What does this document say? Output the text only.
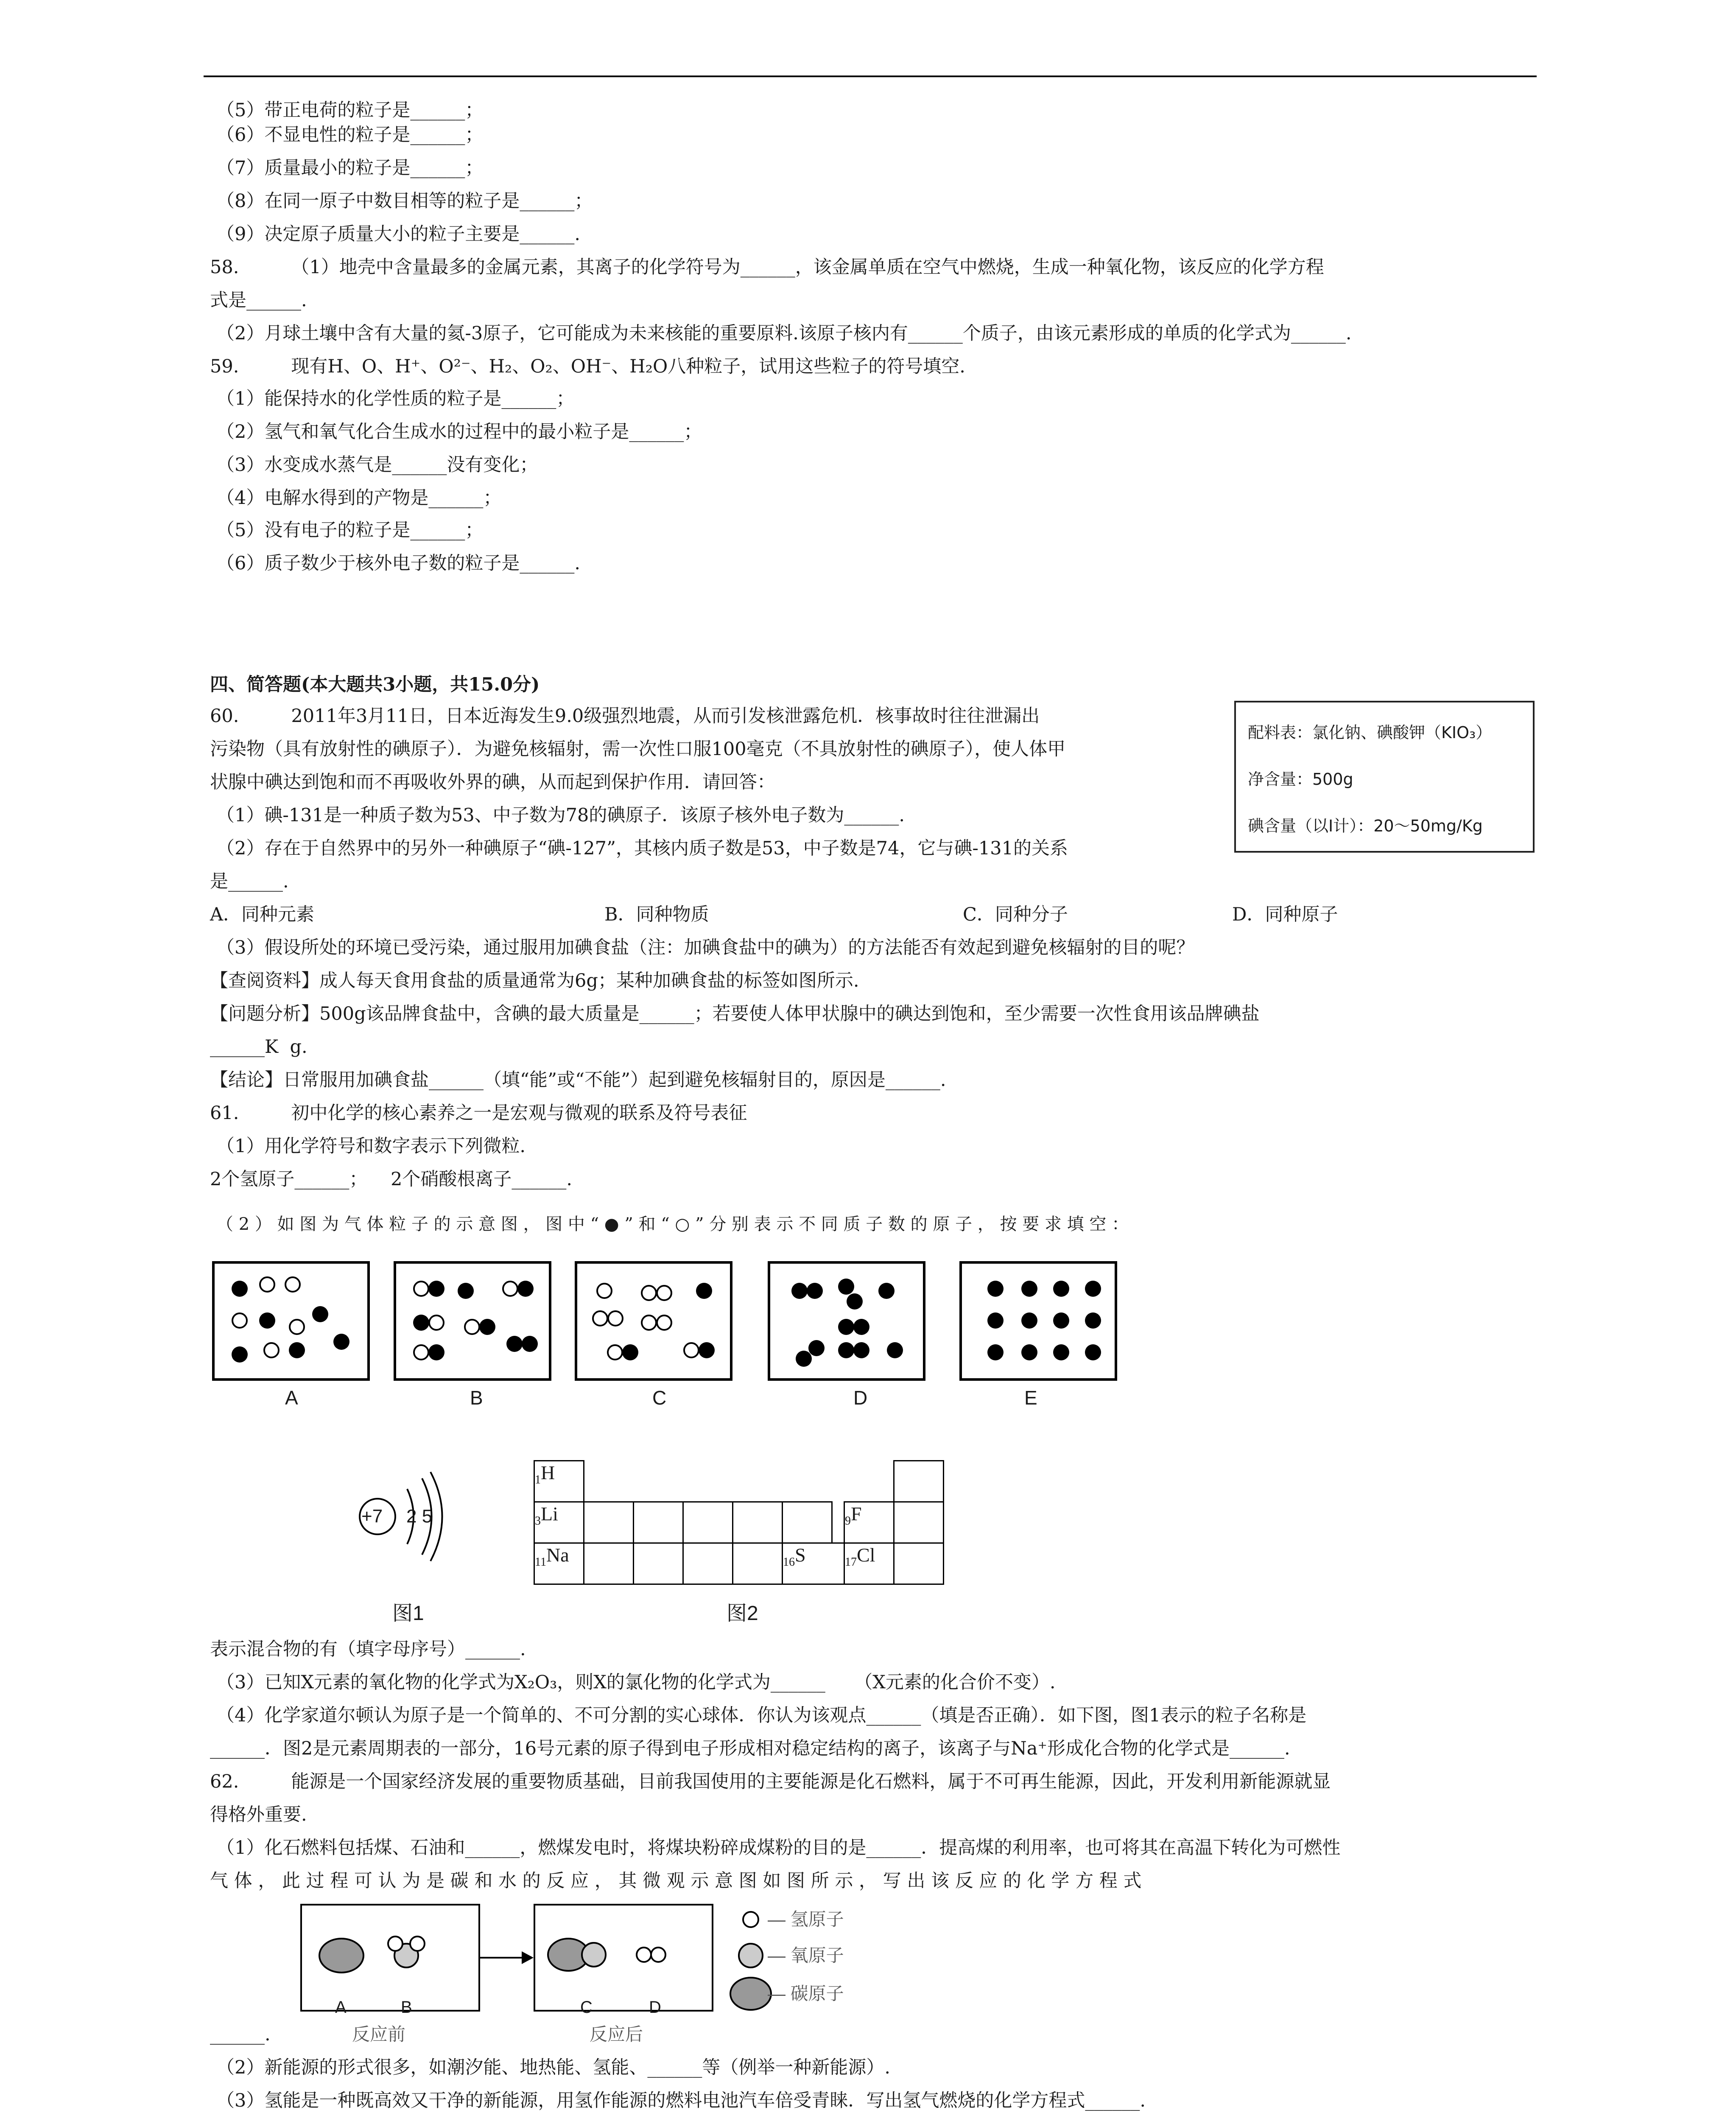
（5）带正电荷的粒子是______；
（6）不显电性的粒子是______；
（7）质量最小的粒子是______；
（8）在同一原子中数目相等的粒子是______；
（9）决定原子质量大小的粒子主要是______.
58.         （1）地壳中含量最多的金属元素，其离子的化学符号为______，该金属单质在空气中燃烧，生成一种氧化物，该反应的化学方程
式是______.
（2）月球土壤中含有大量的氦-3原子，它可能成为未来核能的重要原料.该原子核内有______个质子，由该元素形成的单质的化学式为______.
59.         现有H、O、H⁺、O²⁻、H₂、O₂、OH⁻、H₂O八种粒子，试用这些粒子的符号填空.
（1）能保持水的化学性质的粒子是______；
（2）氢气和氧气化合生成水的过程中的最小粒子是______；
（3）水变成水蒸气是______没有变化；
（4）电解水得到的产物是______；
（5）没有电子的粒子是______；
（6）质子数少于核外电子数的粒子是______.
四、简答题(本大题共3小题，共15.0分)
60.         2011年3月11日，日本近海发生9.0级强烈地震，从而引发核泄露危机．核事故时往往泄漏出
污染物（具有放射性的碘原子）．为避免核辐射，需一次性口服100毫克（不具放射性的碘原子），使人体甲
状腺中碘达到饱和而不再吸收外界的碘，从而起到保护作用．请回答：
（1）碘-131是一种质子数为53、中子数为78的碘原子．该原子核外电子数为______.
（2）存在于自然界中的另外一种碘原子“碘-127”，其核内质子数是53，中子数是74，它与碘-131的关系
是______.
配料表：氯化钠、碘酸钾（KIO₃）
净含量：500g
碘含量（以I计）：20～50mg/Kg
A．同种元素	B．同种物质	C．同种分子	D．同种原子
（3）假设所处的环境已受污染，通过服用加碘食盐（注：加碘食盐中的碘为）的方法能否有效起到避免核辐射的目的呢？
【查阅资料】成人每天食用食盐的质量通常为6g；某种加碘食盐的标签如图所示.
【问题分析】500g该品牌食盐中，含碘的最大质量是______；若要使人体甲状腺中的碘达到饱和，至少需要一次性食用该品牌碘盐
______K  g.
【结论】日常服用加碘食盐______（填“能”或“不能”）起到避免核辐射目的，原因是______.
61.         初中化学的核心素养之一是宏观与微观的联系及符号表征
（1）用化学符号和数字表示下列微粒.
2个氢原子______；    2个硝酸根离子______.
（ 2 ） 如 图 为 气 体 粒 子 的 示 意 图 ， 图 中 “ ● ” 和 “ ○ ” 分 别 表 示 不 同 质 子 数 的 原 子 ， 按 要 求 填 空 ：
A	B	C	D	E
+7 2 5
图1
$_1$H
$_3$Li	$_9$F
$_{11}$Na	$_{16}$S	$_{17}$Cl
图2
表示混合物的有（填字母序号）______.
（3）已知X元素的氧化物的化学式为X₂O₃，则X的氯化物的化学式为______     （X元素的化合价不变）.
（4）化学家道尔顿认为原子是一个简单的、不可分割的实心球体．你认为该观点______（填是否正确）．如下图，图1表示的粒子名称是
______．图2是元素周期表的一部分，16号元素的原子得到电子形成相对稳定结构的离子，该离子与Na⁺形成化合物的化学式是______.
62.         能源是一个国家经济发展的重要物质基础，目前我国使用的主要能源是化石燃料，属于不可再生能源，因此，开发利用新能源就显
得格外重要.
（1）化石燃料包括煤、石油和______，燃煤发电时，将煤块粉碎成煤粉的目的是______．提高煤的利用率，也可将其在高温下转化为可燃性
气 体 ， 此 过 程 可 认 为 是 碳 和 水 的 反 应 ， 其 微 观 示 意 图 如 图 所 示 ， 写 出 该 反 应 的 化 学 方 程 式
A	B	C	D
反应前	反应后
— 氢原子
— 氧原子
— 碳原子
______.
（2）新能源的形式很多，如潮汐能、地热能、氢能、______等（例举一种新能源）.
（3）氢能是一种既高效又干净的新能源，用氢作能源的燃料电池汽车倍受青睐．写出氢气燃烧的化学方程式______.
